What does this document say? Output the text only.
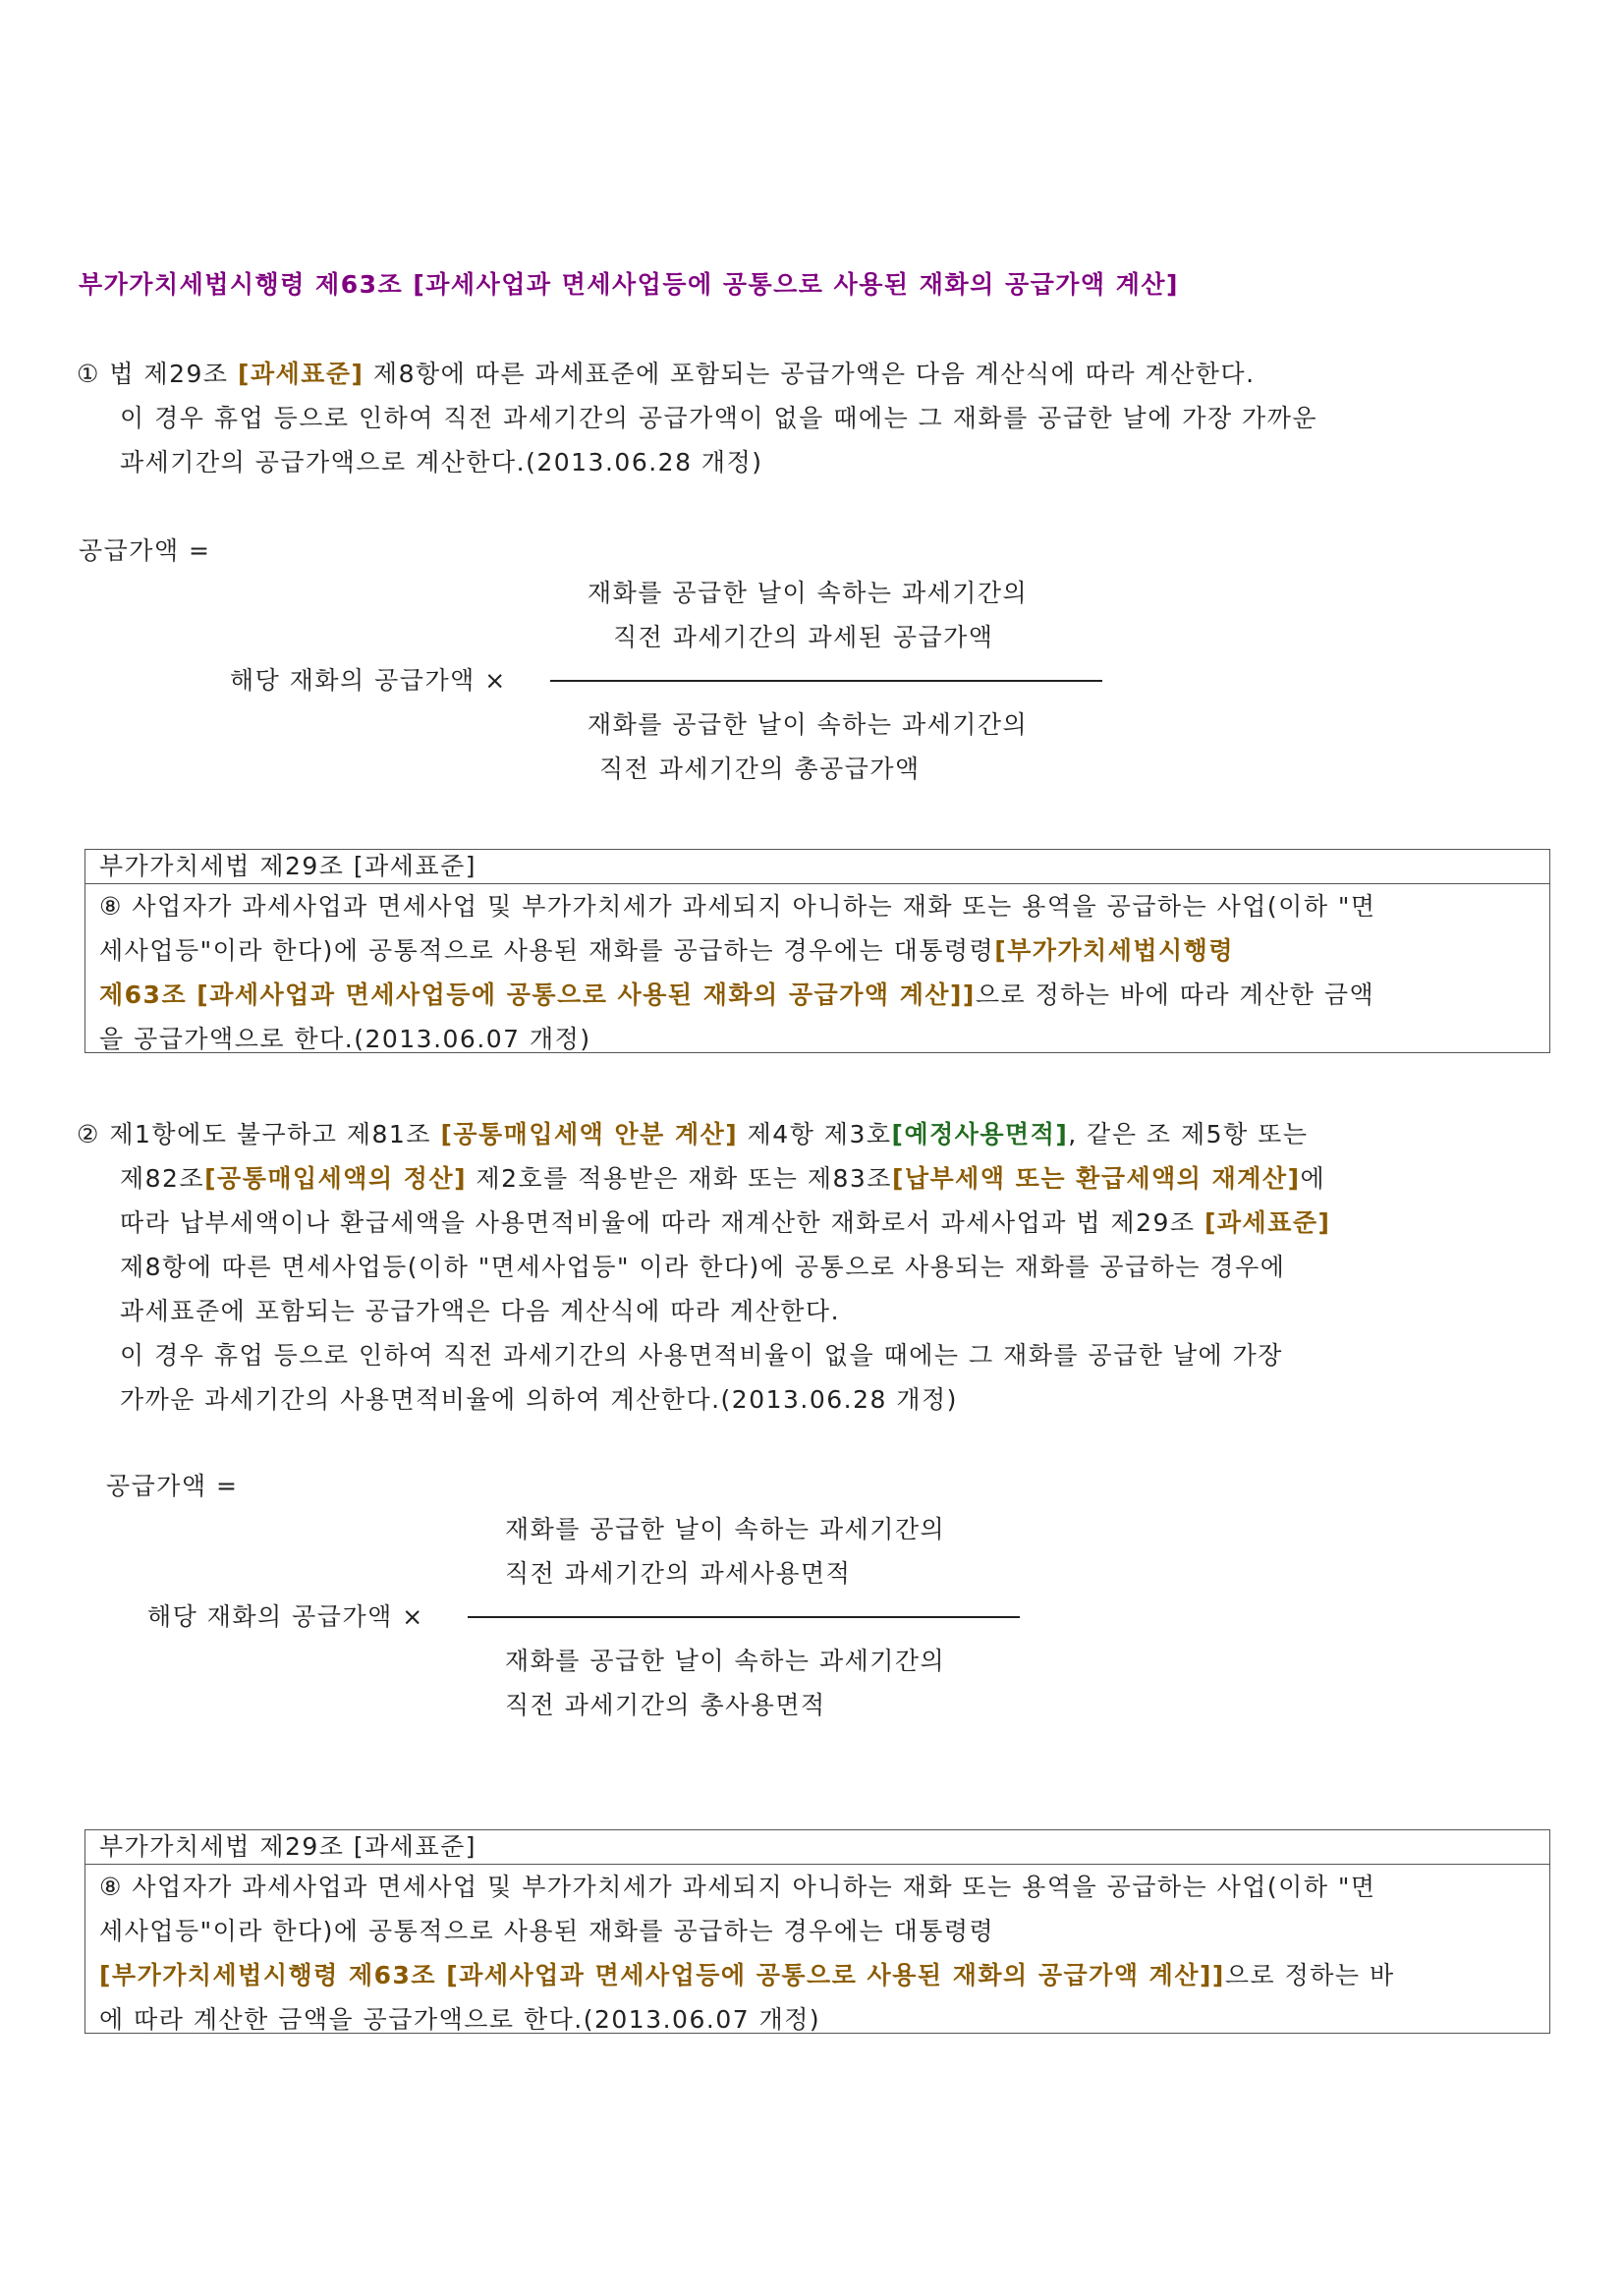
부가가치세법시행령 제63조 [과세사업과 면세사업등에 공통으로 사용된 재화의 공급가액 계산]
① 법 제29조 [과세표준] 제8항에 따른 과세표준에 포함되는 공급가액은 다음 계산식에 따라 계산한다.
이 경우 휴업 등으로 인하여 직전 과세기간의 공급가액이 없을 때에는 그 재화를 공급한 날에 가장 가까운
과세기간의 공급가액으로 계산한다.(2013.06.28 개정)
공급가액 =
재화를 공급한 날이 속하는 과세기간의
직전 과세기간의 과세된 공급가액
해당 재화의 공급가액 ×
재화를 공급한 날이 속하는 과세기간의
직전 과세기간의 총공급가액
부가가치세법 제29조 [과세표준]
⑧ 사업자가 과세사업과 면세사업 및 부가가치세가 과세되지 아니하는 재화 또는 용역을 공급하는 사업(이하 "면
세사업등"이라 한다)에 공통적으로 사용된 재화를 공급하는 경우에는 대통령령[부가가치세법시행령
제63조 [과세사업과 면세사업등에 공통으로 사용된 재화의 공급가액 계산]]으로 정하는 바에 따라 계산한 금액
을 공급가액으로 한다.(2013.06.07 개정)
② 제1항에도 불구하고 제81조 [공통매입세액 안분 계산] 제4항 제3호[예정사용면적], 같은 조 제5항 또는
제82조[공통매입세액의 정산] 제2호를 적용받은 재화 또는 제83조[납부세액 또는 환급세액의 재계산]에
따라 납부세액이나 환급세액을 사용면적비율에 따라 재계산한 재화로서 과세사업과 법 제29조 [과세표준]
제8항에 따른 면세사업등(이하 "면세사업등" 이라 한다)에 공통으로 사용되는 재화를 공급하는 경우에
과세표준에 포함되는 공급가액은 다음 계산식에 따라 계산한다.
이 경우 휴업 등으로 인하여 직전 과세기간의 사용면적비율이 없을 때에는 그 재화를 공급한 날에 가장
가까운 과세기간의 사용면적비율에 의하여 계산한다.(2013.06.28 개정)
공급가액 =
재화를 공급한 날이 속하는 과세기간의
직전 과세기간의 과세사용면적
해당 재화의 공급가액 ×
재화를 공급한 날이 속하는 과세기간의
직전 과세기간의 총사용면적
부가가치세법 제29조 [과세표준]
⑧ 사업자가 과세사업과 면세사업 및 부가가치세가 과세되지 아니하는 재화 또는 용역을 공급하는 사업(이하 "면
세사업등"이라 한다)에 공통적으로 사용된 재화를 공급하는 경우에는 대통령령
[부가가치세법시행령 제63조 [과세사업과 면세사업등에 공통으로 사용된 재화의 공급가액 계산]]으로 정하는 바
에 따라 계산한 금액을 공급가액으로 한다.(2013.06.07 개정)
